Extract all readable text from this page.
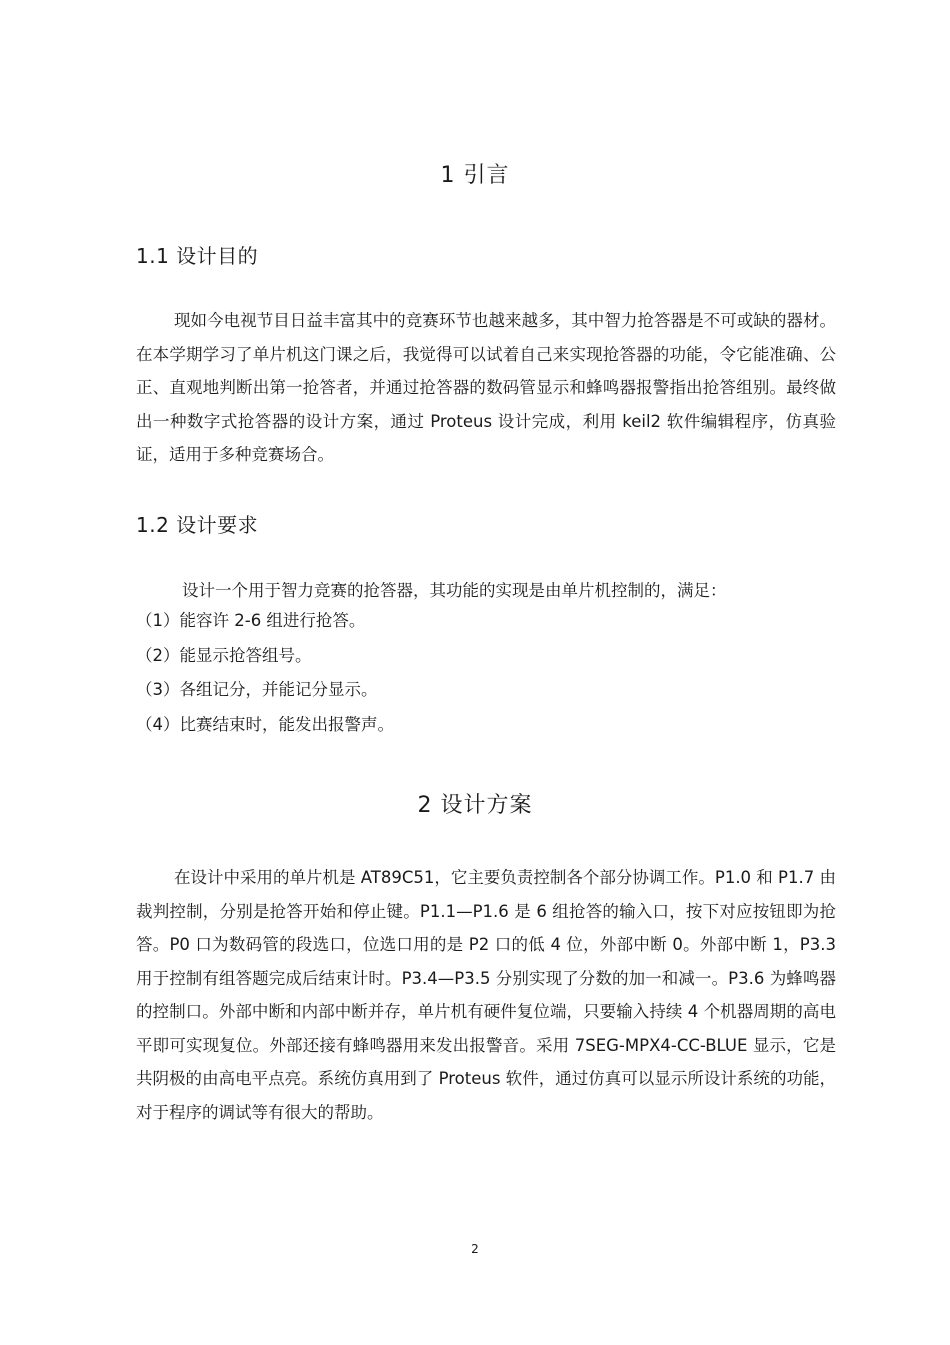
1 引言
1.1 设计目的

现如今电视节目日益丰富其中的竞赛环节也越来越多，其中智力抢答器是不可或缺的器材。在本学期学习了单片机这门课之后，我觉得可以试着自己来实现抢答器的功能，令它能准确、公正、直观地判断出第一抢答者，并通过抢答器的数码管显示和蜂鸣器报警指出抢答组别。最终做出一种数字式抢答器的设计方案，通过 Proteus 设计完成，利用 keil2 软件编辑程序，仿真验证，适用于多种竞赛场合。

1.2 设计要求

设计一个用于智力竞赛的抢答器，其功能的实现是由单片机控制的，满足：

（1）能容许 2-6 组进行抢答。
（2）能显示抢答组号。
（3）各组记分，并能记分显示。
（4）比赛结束时，能发出报警声。
2 设计方案

在设计中采用的单片机是 AT89C51，它主要负责控制各个部分协调工作。P1.0 和 P1.7 由裁判控制，分别是抢答开始和停止键。P1.1—P1.6 是 6 组抢答的输入口，按下对应按钮即为抢答。P0 口为数码管的段选口，位选口用的是 P2 口的低 4 位，外部中断 0。外部中断 1，P3.3 用于控制有组答题完成后结束计时。P3.4—P3.5 分别实现了分数的加一和减一。P3.6 为蜂鸣器的控制口。外部中断和内部中断并存，单片机有硬件复位端，只要输入持续 4 个机器周期的高电平即可实现复位。外部还接有蜂鸣器用来发出报警音。采用 7SEG-MPX4-CC-BLUE 显示，它是共阴极的由高电平点亮。系统仿真用到了 Proteus 软件，通过仿真可以显示所设计系统的功能，对于程序的调试等有很大的帮助。

2
